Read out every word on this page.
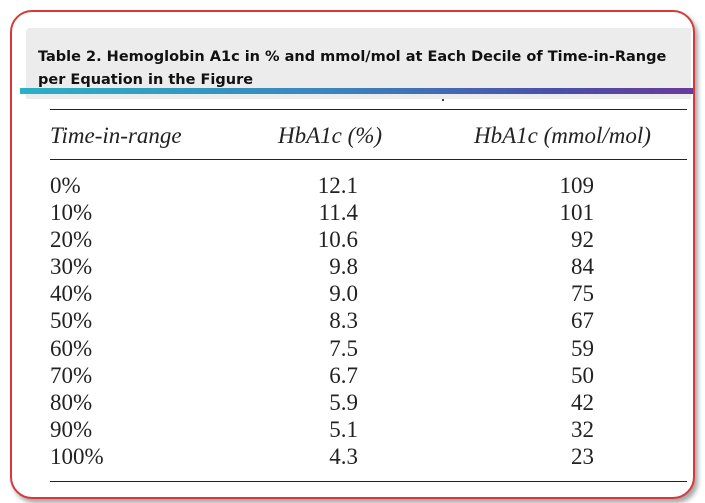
Table 2. Hemoglobin A1c in % and mmol/mol at Each Decile of Time-in-Range per Equation in the Figure

Time-in-range	HbA1c (%)	HbA1c (mmol/mol)
0%	12.1	109
10%	11.4	101
20%	10.6	92
30%	9.8	84
40%	9.0	75
50%	8.3	67
60%	7.5	59
70%	6.7	50
80%	5.9	42
90%	5.1	32
100%	4.3	23
